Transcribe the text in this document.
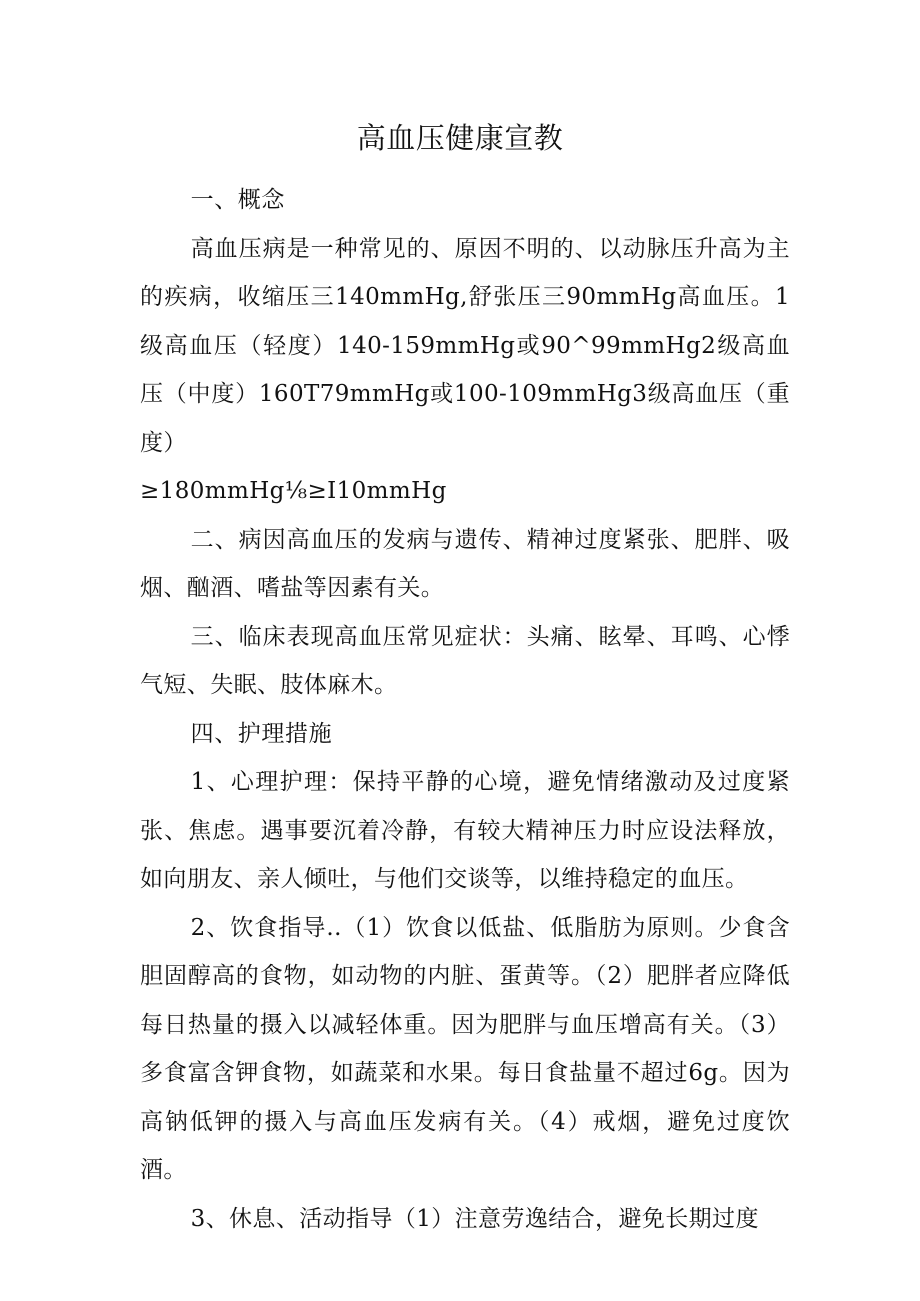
高血压健康宣教

一、概念

高血压病是一种常见的、原因不明的、以动脉压升高为主的疾病，收缩压三140mmHg,舒张压三90mmHg高血压。1级高血压（轻度）140-159mmHg或90^99mmHg2级高血压（中度）160T79mmHg或100-109mmHg3级高血压（重度）

≥180mmHg⅛≥I10mmHg

二、病因高血压的发病与遗传、精神过度紧张、肥胖、吸烟、酗酒、嗜盐等因素有关。

三、临床表现高血压常见症状：头痛、眩晕、耳鸣、心悸气短、失眠、肢体麻木。

四、护理措施

1、心理护理：保持平静的心境，避免情绪激动及过度紧张、焦虑。遇事要沉着冷静，有较大精神压力时应设法释放，如向朋友、亲人倾吐，与他们交谈等，以维持稳定的血压。

2、饮食指导..（1）饮食以低盐、低脂肪为原则。少食含胆固醇高的食物，如动物的内脏、蛋黄等。（2）肥胖者应降低每日热量的摄入以减轻体重。因为肥胖与血压增高有关。（3）多食富含钾食物，如蔬菜和水果。每日食盐量不超过6g。因为高钠低钾的摄入与高血压发病有关。（4）戒烟，避免过度饮酒。

3、休息、活动指导（1）注意劳逸结合，避免长期过度
